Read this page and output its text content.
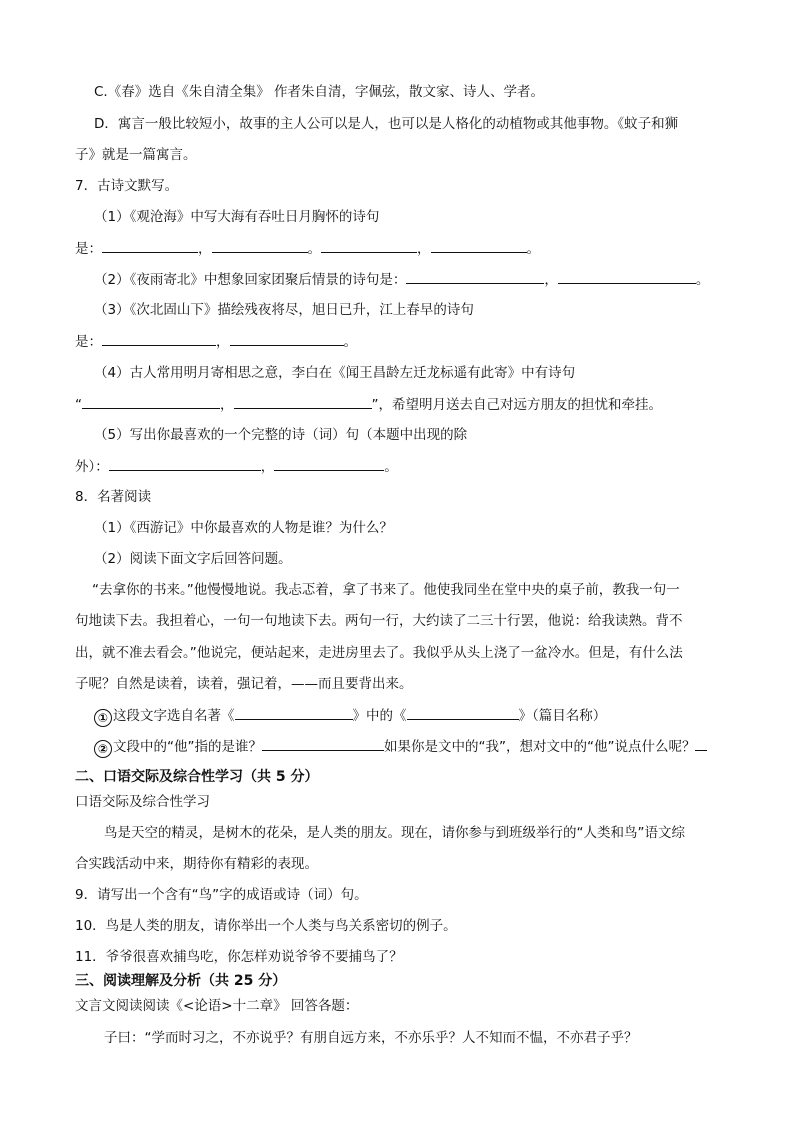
C.《春》选自《朱自清全集》 作者朱自清，字佩弦，散文家、诗人、学者。
D．寓言一般比较短小，故事的主人公可以是人，也可以是人格化的动植物或其他事物。《蚊子和狮
子》就是一篇寓言。
7．古诗文默写。
（1）《观沧海》中写大海有吞吐日月胸怀的诗句
是：	，	。	，	。
（2）《夜雨寄北》中想象回家团聚后情景的诗句是：	，	。
（3）《次北固山下》描绘残夜将尽，旭日已升，江上春早的诗句
是：	，	。
（4）古人常用明月寄相思之意，李白在《闻王昌龄左迁龙标遥有此寄》中有诗句
“	，	”，希望明月送去自己对远方朋友的担忧和牵挂。
（5）写出你最喜欢的一个完整的诗（词）句（本题中出现的除
外）：	，	。
8．名著阅读
（1）《西游记》中你最喜欢的人物是谁？为什么？
（2）阅读下面文字后回答问题。
“去拿你的书来。”他慢慢地说。我忐忑着，拿了书来了。他使我同坐在堂中央的桌子前，教我一句一
句地读下去。我担着心，一句一句地读下去。两句一行，大约读了二三十行罢，他说：给我读熟。背不
出，就不准去看会。”他说完，便站起来，走进房里去了。我似乎从头上浇了一盆冷水。但是，有什么法
子呢？自然是读着，读着，强记着，——而且要背出来。
① 这段文字选自名著《	》中的《	》（篇目名称）
② 文段中的“他”指的是谁？	如果你是文中的“我”，想对文中的“他”说点什么呢？
二、口语交际及综合性学习（共 5 分）
口语交际及综合性学习
鸟是天空的精灵，是树木的花朵，是人类的朋友。现在，请你参与到班级举行的“人类和鸟”语文综
合实践活动中来，期待你有精彩的表现。
9．请写出一个含有“鸟”字的成语或诗（词）句。
10．鸟是人类的朋友，请你举出一个人类与鸟关系密切的例子。
11．爷爷很喜欢捕鸟吃，你怎样劝说爷爷不要捕鸟了？
三、阅读理解及分析（共 25 分）
文言文阅读阅读《<论语>十二章》 回答各题：
子曰：“学而时习之，不亦说乎？有朋自远方来，不亦乐乎？人不知而不愠，不亦君子乎？
